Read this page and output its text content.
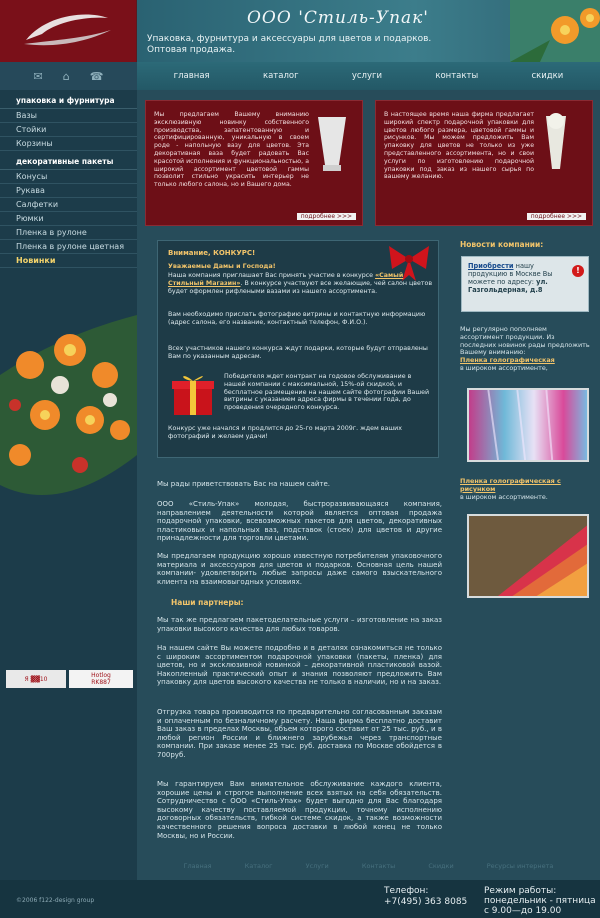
ООО 'Стиль-Упак'
Упаковка, фурнитура и аксессуары для цветов и подарков.
Оптовая продажа.
✉ ⌂ ☎	главная	каталог	услуги	контакты	скидки
упаковка и фурнитура
Вазы
Стойки
Корзины
декоративные пакеты
Конусы
Рукава
Салфетки
Рюмки
Пленка в рулоне
Пленка в рулоне цветная
Новинки
Я ▓▓ 10	Hotlog
RK887

Мы предлагаем Вашему вниманию эксклюзивную новинку собственного производства, запатентованную и сертифицированную, уникальную в своем роде - напольную вазу для цветов. Эта декоративная ваза будет радовать Вас красотой исполнения и функциональностью, а широкий ассортимент цветовой гаммы позволит стильно украсить интерьер не только любого салона, но и Вашего дома.

подробнее >>>

В настоящее время наша фирма предлагает широкий спектр подарочной упаковки для цветов любого размера, цветовой гаммы и рисунков. Мы можем предложить Вам упаковку для цветов не только из уже представленного ассортимента, но и свои услуги по изготовлению подарочной упаковки под заказ из нашего сырья по вашему желанию.

подробнее >>>
Внимание, КОНКУРС!
Уважаемые Дамы и Господа!
Наша компания приглашает Вас принять участие в конкурсе «Самый Стильный Магазин». В конкурсе участвуют все желающие, чей салон цветов будет оформлен рифлеными вазами из нашего ассортимента.
Вам необходимо прислать фотографию витрины и контактную информацию (адрес салона, его название, контактный телефон, Ф.И.О.).
Всех участников нашего конкурса ждут подарки, которые будут отправлены Вам по указанным адресам.
Победителя ждет контракт на годовое обслуживание в нашей компании с максимальной, 15%-ой скидкой, и бесплатное размещение на нашем сайте фотографии Вашей витрины с указанием адреса фирмы в течении года, до проведения очередного конкурса.
Конкурс уже начался и продлится до 25-го марта 2009г. ждем ваших фотографий и желаем удачи!
Мы рады приветствовать Вас на нашем сайте.
ООО «Стиль-Упак» молодая, быстроразвивающаяся компания, направлением деятельности которой является оптовая продажа подарочной упаковки, всевозможных пакетов для цветов, декоративных пластиковых и напольных ваз, подставок (стоек) для цветов и другие принадлежности для торговли цветами.
Мы предлагаем продукцию хорошо известную потребителям упаковочного материала и аксессуаров для цветов и подарков. Основная цель нашей компании- удовлетворить любые запросы даже самого взыскательного клиента на взаимовыгодных условиях.
Наши партнеры:
Мы так же предлагаем пакетоделательные услуги – изготовление на заказ упаковки высокого качества для любых товаров.
На нашем сайте Вы можете подробно и в деталях ознакомиться не только с широким ассортиментом подарочной упаковки (пакеты, пленка) для цветов, но и эксклюзивной новинкой – декоративной пластиковой вазой. Накопленный практический опыт и знания позволяют предложить Вам упаковку для цветов высокого качества не только в наличии, но и на заказ.
Отгрузка товара производится по предварительно согласованным заказам и оплаченным по безналичному расчету. Наша фирма бесплатно доставит Ваш заказ в пределах Москвы, объем которого составит от 25 тыс. руб., и в любой регион России и ближнего зарубежья через транспортные компании. При заказе менее 25 тыс. руб. доставка по Москве обойдется в 700руб.
Мы гарантируем Вам внимательное обслуживание каждого клиента, хорошие цены и строгое выполнение всех взятых на себя обязательств. Сотрудничество с ООО «Стиль-Упак» будет выгодно для Вас благодаря высокому качеству поставляемой продукции, точному исполнению договорных обязательств, гибкой системе скидок, а также возможности качественного решения вопроса доставки в любой конец не только Москвы, но и России.
Новости компании:
Приобрести нашу продукцию в Москве Вы можете по адресу: ул. Газгольдерная, д.8
!
Мы регулярно пополняем ассортимент продукции. Из последних новинок рады предложить Вашему вниманию:
Пленка голографическая
в широком ассортименте,
Пленка голографическая с рисунком
в широком ассортименте.
Главная	Каталог	Услуги	Контакты	Скидки	Ресурсы интернета
©2006 f122-design group
Телефон:
+7(495) 363 8085
Режим работы:
понедельник - пятница
с 9.00—до 19.00
